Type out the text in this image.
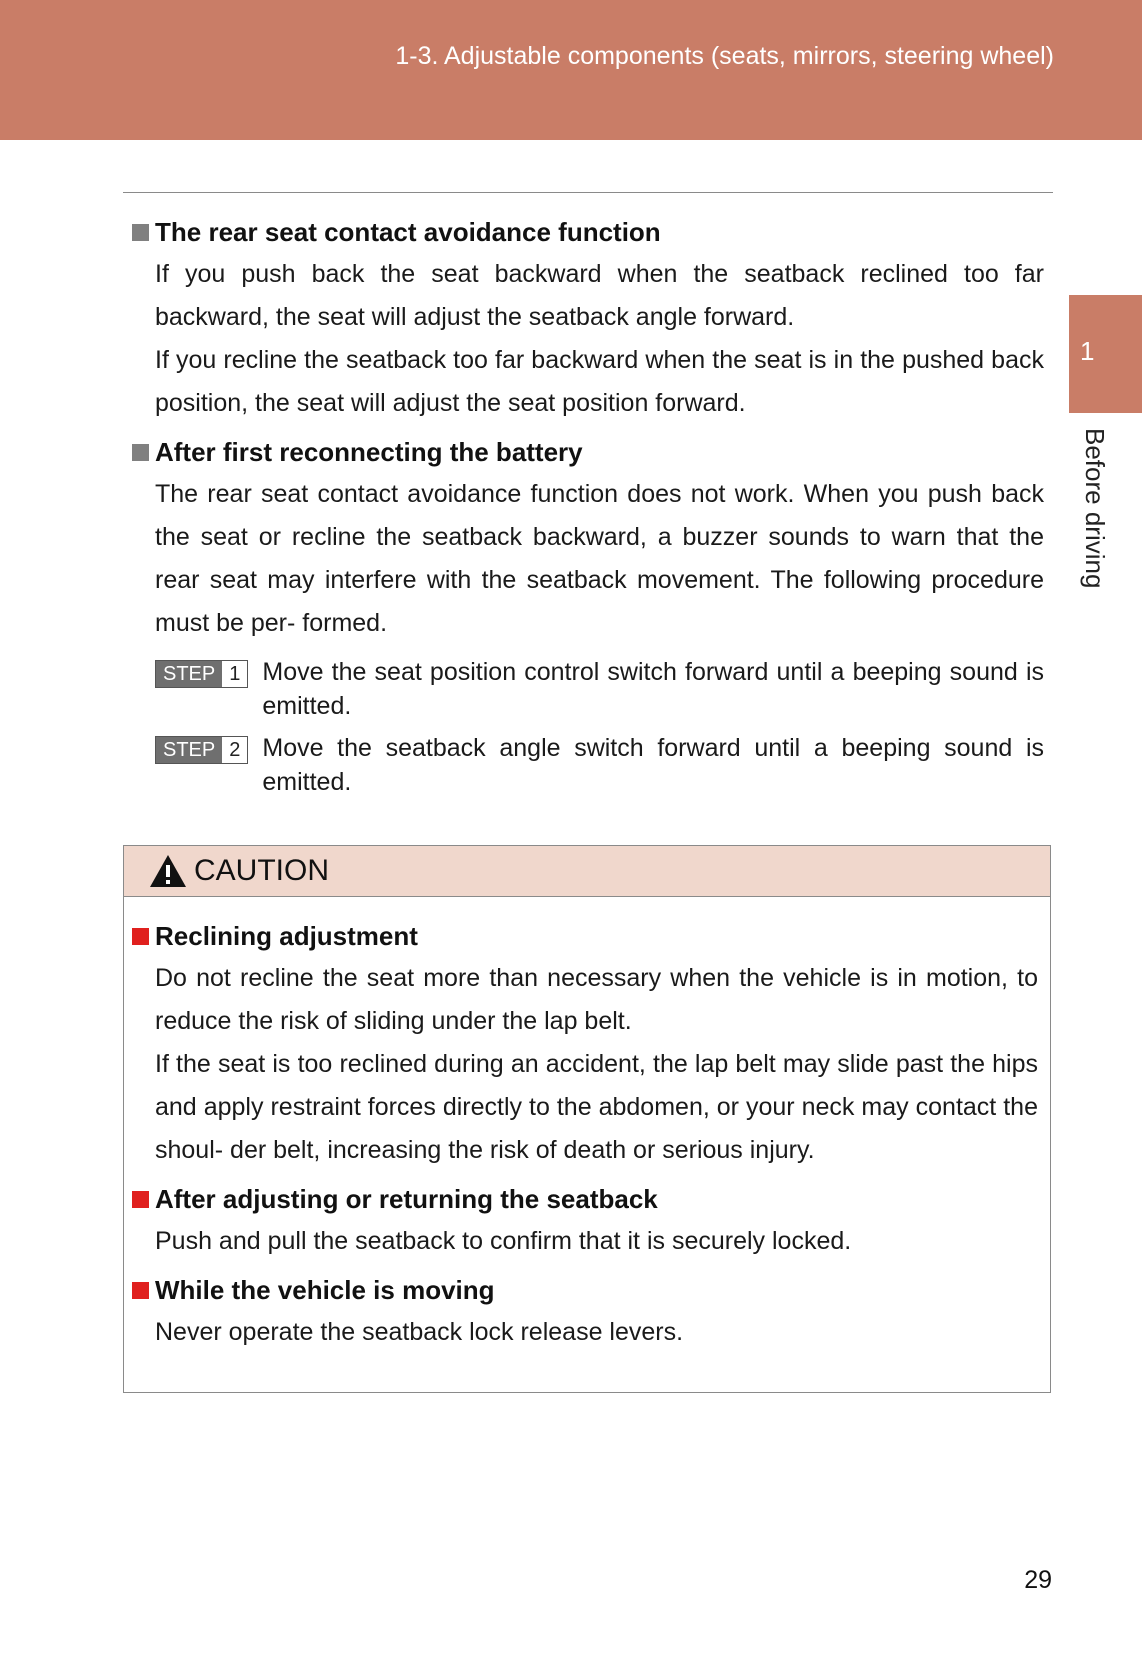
1-3. Adjustable components (seats, mirrors, steering wheel)
1
Before driving
The rear seat contact avoidance function

If you push back the seat backward when the seatback reclined too far backward, the seat will adjust the seatback angle forward.

If you recline the seatback too far backward when the seat is in the pushed back position, the seat will adjust the seat position forward.

After first reconnecting the battery

The rear seat contact avoidance function does not work. When you push back the seat or recline the seatback backward, a buzzer sounds to warn that the rear seat may interfere with the seatback movement. The following procedure must be per- formed.

STEP 1 Move the seat position control switch forward until a beeping sound is emitted.
STEP 2 Move the seatback angle switch forward until a beeping sound is emitted.
CAUTION
Reclining adjustment

Do not recline the seat more than necessary when the vehicle is in motion, to reduce the risk of sliding under the lap belt.

If the seat is too reclined during an accident, the lap belt may slide past the hips and apply restraint forces directly to the abdomen, or your neck may contact the shoul- der belt, increasing the risk of death or serious injury.

After adjusting or returning the seatback

Push and pull the seatback to confirm that it is securely locked.

While the vehicle is moving

Never operate the seatback lock release levers.

29
